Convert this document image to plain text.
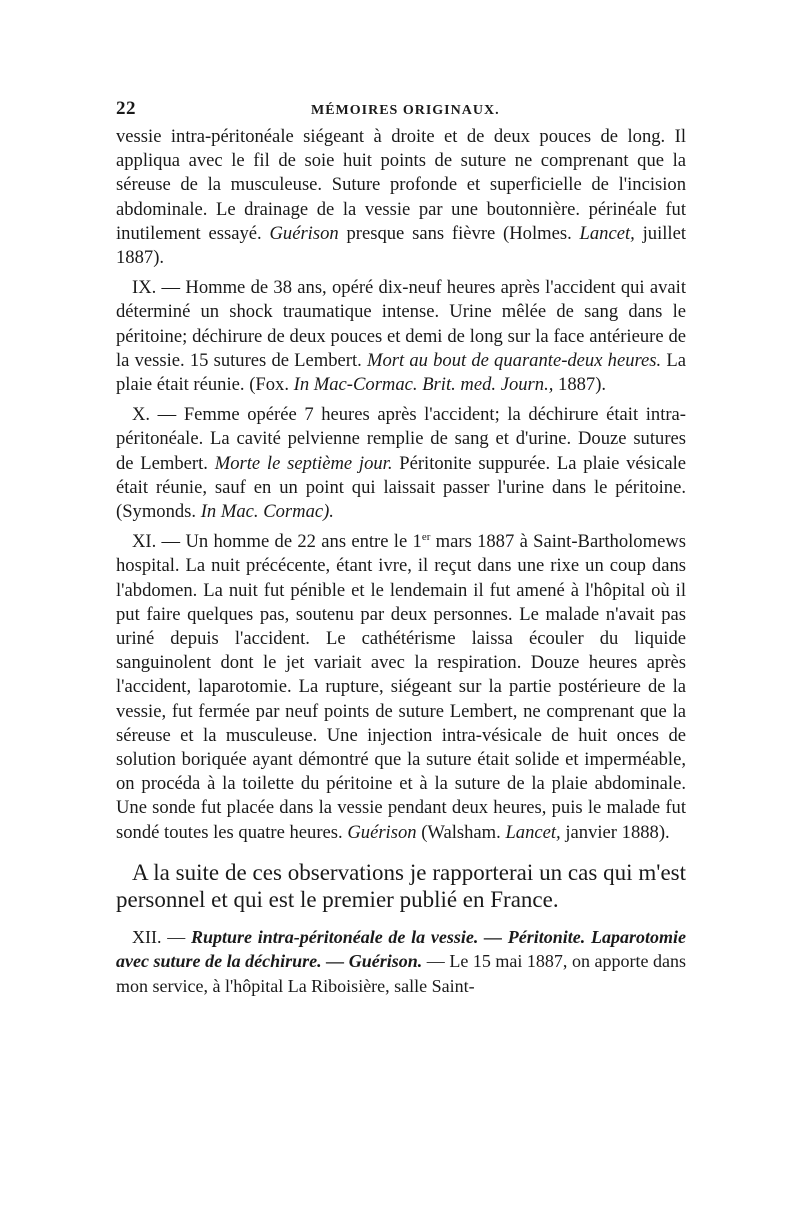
22	MÉMOIRES ORIGINAUX.

vessie intra-péritonéale siégeant à droite et de deux pouces de long. Il appliqua avec le fil de soie huit points de suture ne comprenant que la séreuse de la musculeuse. Suture profonde et superficielle de l'incision abdominale. Le drainage de la vessie par une boutonnière. périnéale fut inutilement essayé. Guérison presque sans fièvre (Holmes. Lancet, juillet 1887).

IX. — Homme de 38 ans, opéré dix-neuf heures après l'accident qui avait déterminé un shock traumatique intense. Urine mêlée de sang dans le péritoine; déchirure de deux pouces et demi de long sur la face antérieure de la vessie. 15 sutures de Lembert. Mort au bout de quarante-deux heures. La plaie était réunie. (Fox. In Mac-Cormac. Brit. med. Journ., 1887).

X. — Femme opérée 7 heures après l'accident; la déchirure était intra-péritonéale. La cavité pelvienne remplie de sang et d'urine. Douze sutures de Lembert. Morte le septième jour. Péritonite suppurée. La plaie vésicale était réunie, sauf en un point qui laissait passer l'urine dans le péritoine. (Symonds. In Mac. Cormac).

XI. — Un homme de 22 ans entre le 1er mars 1887 à Saint-Bartholomews hospital. La nuit précécente, étant ivre, il reçut dans une rixe un coup dans l'abdomen. La nuit fut pénible et le lendemain il fut amené à l'hôpital où il put faire quelques pas, soutenu par deux personnes. Le malade n'avait pas uriné depuis l'accident. Le cathétérisme laissa écouler du liquide sanguinolent dont le jet variait avec la respiration. Douze heures après l'accident, laparotomie. La rupture, siégeant sur la partie postérieure de la vessie, fut fermée par neuf points de suture Lembert, ne comprenant que la séreuse et la musculeuse. Une injection intra-vésicale de huit onces de solution boriquée ayant démontré que la suture était solide et imperméable, on procéda à la toilette du péritoine et à la suture de la plaie abdominale. Une sonde fut placée dans la vessie pendant deux heures, puis le malade fut sondé toutes les quatre heures. Guérison (Walsham. Lancet, janvier 1888).

A la suite de ces observations je rapporterai un cas qui m'est personnel et qui est le premier publié en France.

XII. — Rupture intra-péritonéale de la vessie. — Péritonite. Laparotomie avec suture de la déchirure. — Guérison. — Le 15 mai 1887, on apporte dans mon service, à l'hôpital La Riboisière, salle Saint-
